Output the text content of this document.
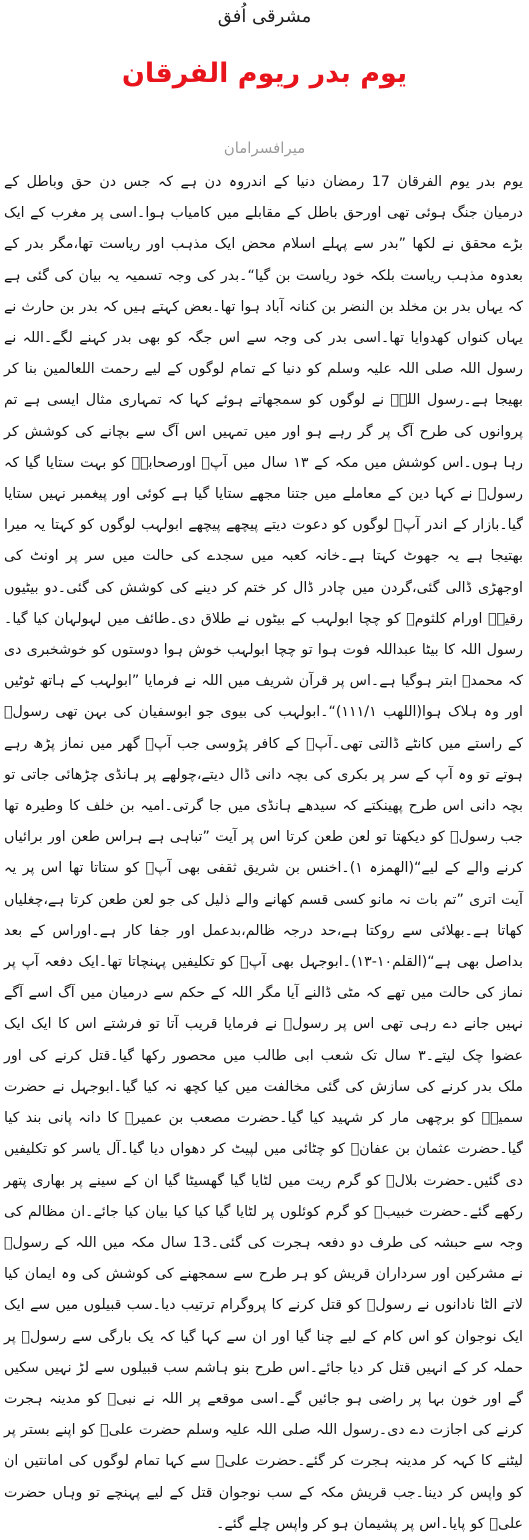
مشرقی اُفق
یوم بدر ریوم الفرقان
میرافسرامان

یوم بدر یوم الفرقان 17 رمضان دنیا کے اندروہ دن ہے کہ جس دن حق وباطل کے درمیان جنگ ہوئی تھی اورحق باطل کے مقابلے میں کامیاب ہوا۔اسی پر مغرب کے ایک بڑے محقق نے لکھا ”بدر سے پہلے اسلام محض ایک مذہب اور ریاست تھا،مگر بدر کے بعدوہ مذہب ریاست بلکہ خود ریاست بن گیا“۔بدر کی وجہ تسمیہ یہ بیان کی گئی ہے کہ یہاں بدر بن مخلد بن النضر بن کنانہ آباد ہوا تھا۔بعض کہتے ہیں کہ بدر بن حارث نے یہاں کنواں کھدوایا تھا۔اسی بدر کی وجہ سے اس جگہ کو بھی بدر کہنے لگے۔اللہ نے رسول اللہ صلی اللہ علیہ وسلم کو دنیا کے تمام لوگوں کے لیے رحمت اللعالمین بنا کر بھیجا ہے۔رسول اللہؐ نے لوگوں کو سمجھاتے ہوئے کہا کہ تمہاری مثال ایسی ہے تم پروانوں کی طرح آگ پر گر رہے ہو اور میں تمہیں اس آگ سے بچانے کی کوشش کر رہا ہوں۔اس کوشش میں مکہ کے ۱۳ سال میں آپؐ اورصحابہؓ کو بہت ستایا گیا کہ رسولؐ نے کہا دین کے معاملے میں جتنا مجھے ستایا گیا ہے کوئی اور پیغمبر نہیں ستایا گیا۔بازار کے اندر آپؐ لوگوں کو دعوت دیتے پیچھے پیچھے ابولہب لوگوں کو کہتا یہ میرا بھتیجا ہے یہ جھوٹ کہتا ہے۔خانہ کعبہ میں سجدے کی حالت میں سر پر اونٹ کی اوجھڑی ڈالی گئی،گردن میں چادر ڈال کر ختم کر دینے کی کوشش کی گئی۔دو بیٹیوں رقیہؓ اورام کلثومؓ کو چچا ابولہب کے بیٹوں نے طلاق دی۔طائف میں لہولہان کیا گیا۔رسول اللہ کا بیٹا عبداللہ فوت ہوا تو چچا ابولہب خوش ہوا دوستوں کو خوشخبری دی کہ محمدؐ ابتر ہوگیا ہے۔اس پر قرآن شریف میں اللہ نے فرمایا ”ابولہب کے ہاتھ ٹوٹیں اور وہ ہلاک ہوا(اللھب ۱۱۱/۱)“۔ابولہب کی بیوی جو ابوسفیان کی بہن تھی رسولؐ کے راستے میں کانٹے ڈالتی تھی۔آپؐ کے کافر پڑوسی جب آپؐ گھر میں نماز پڑھ رہے ہوتے تو وہ آپ کے سر پر بکری کی بچہ دانی ڈال دیتے،چولھے پر ہانڈی چڑھائی جاتی تو بچہ دانی اس طرح پھینکتے کہ سیدھے ہانڈی میں جا گرتی۔امیہ بن خلف کا وطیرہ تھا جب رسولؐ کو دیکھتا تو لعن طعن کرتا اس پر آیت ”تباہی ہے ہراس طعن اور برائیاں کرنے والے کے لیے“(الھمزہ ۱)۔اخنس بن شریق ثقفی بھی آپؐ کو ستاتا تھا اس پر یہ آیت اتری ”تم بات نہ مانو کسی قسم کھانے والے ذلیل کی جو لعن طعن کرتا ہے،چغلیاں کھاتا ہے۔بھلائی سے روکتا ہے،حد درجہ ظالم،بدعمل اور جفا کار ہے۔اوراس کے بعد بداصل بھی ہے“(القلم۱۰-۱۳)۔ابوجہل بھی آپؐ کو تکلیفیں پہنچاتا تھا۔ایک دفعہ آپ پر نماز کی حالت میں تھے کہ مٹی ڈالنے آیا مگر اللہ کے حکم سے درمیان میں آگ اسے آگے نہیں جانے دے رہی تھی اس پر رسولؐ نے فرمایا قریب آتا تو فرشتے اس کا ایک ایک عضوا چک لیتے۔۳ سال تک شعب ابی طالب میں محصور رکھا گیا۔قتل کرنے کی اور ملک بدر کرنے کی سازش کی گئی مخالفت میں کیا کچھ نہ کیا گیا۔ابوجہل نے حضرت سمیہؓ کو برچھی مار کر شہید کیا گیا۔حضرت مصعب بن عمیرؓ کا دانہ پانی بند کیا گیا۔حضرت عثمان بن عفانؓ کو چٹائی میں لپیٹ کر دھواں دیا گیا۔آل یاسر کو تکلیفیں دی گئیں۔حضرت بلالؓ کو گرم ریت میں لٹایا گیا گھسیٹا گیا ان کے سینے پر بھاری پتھر رکھے گئے۔حضرت خبیبؓ کو گرم کوئلوں پر لٹایا گیا کیا کیا بیان کیا جائے۔ان مظالم کی وجہ سے حبشہ کی طرف دو دفعہ ہجرت کی گئی۔13 سال مکہ میں اللہ کے رسولؐ نے مشرکین اور سرداران قریش کو ہر طرح سے سمجھنے کی کوشش کی وہ ایمان کیا لاتے الٹا نادانوں نے رسولؐ کو قتل کرنے کا پروگرام ترتیب دیا۔سب قبیلوں میں سے ایک ایک نوجوان کو اس کام کے لیے چنا گیا اور ان سے کہا گیا کہ یک بارگی سے رسولؐ پر حملہ کر کے انہیں قتل کر دیا جائے۔اس طرح بنو ہاشم سب قبیلوں سے لڑ نہیں سکیں گے اور خون بہا پر راضی ہو جائیں گے۔اسی موقعے پر اللہ نے نبیؐ کو مدینہ ہجرت کرنے کی اجازت دے دی۔رسول اللہ صلی اللہ علیہ وسلم حضرت علیؓ کو اپنے بستر پر لیٹنے کا کہہ کر مدینہ ہجرت کر گئے۔حضرت علیؓ سے کہا تمام لوگوں کی امانتیں ان کو واپس کر دینا۔جب قریش مکہ کے سب نوجوان قتل کے لیے پہنچے تو وہاں حضرت علیؓ کو پایا۔اس پر پشیمان ہو کر واپس چلے گئے۔
